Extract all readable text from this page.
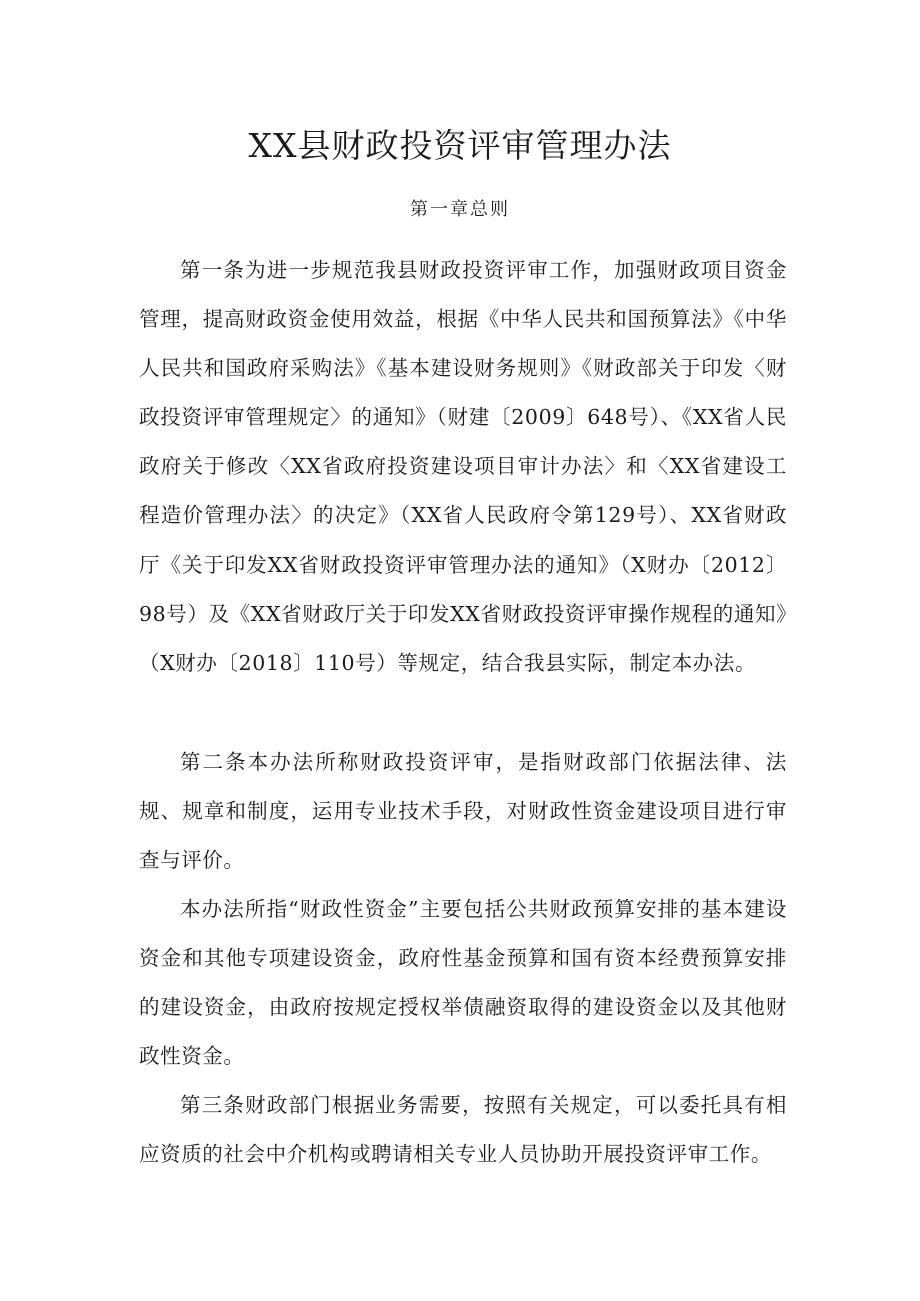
XX县财政投资评审管理办法
第一章总则

第一条为进一步规范我县财政投资评审工作，加强财政项目资金管理，提高财政资金使用效益，根据《中华人民共和国预算法》《中华人民共和国政府采购法》《基本建设财务规则》《财政部关于印发〈财政投资评审管理规定〉的通知》（财建〔2009〕648号）、《XX省人民政府关于修改〈XX省政府投资建设项目审计办法〉和〈XX省建设工程造价管理办法〉的决定》（XX省人民政府令第129号）、XX省财政厅《关于印发XX省财政投资评审管理办法的通知》（X财办〔2012〕98号）及《XX省财政厅关于印发XX省财政投资评审操作规程的通知》（X财办〔2018〕110号）等规定，结合我县实际，制定本办法。

第二条本办法所称财政投资评审，是指财政部门依据法律、法规、规章和制度，运用专业技术手段，对财政性资金建设项目进行审查与评价。

本办法所指“财政性资金”主要包括公共财政预算安排的基本建设资金和其他专项建设资金，政府性基金预算和国有资本经费预算安排的建设资金，由政府按规定授权举债融资取得的建设资金以及其他财政性资金。

第三条财政部门根据业务需要，按照有关规定，可以委托具有相应资质的社会中介机构或聘请相关专业人员协助开展投资评审工作。
